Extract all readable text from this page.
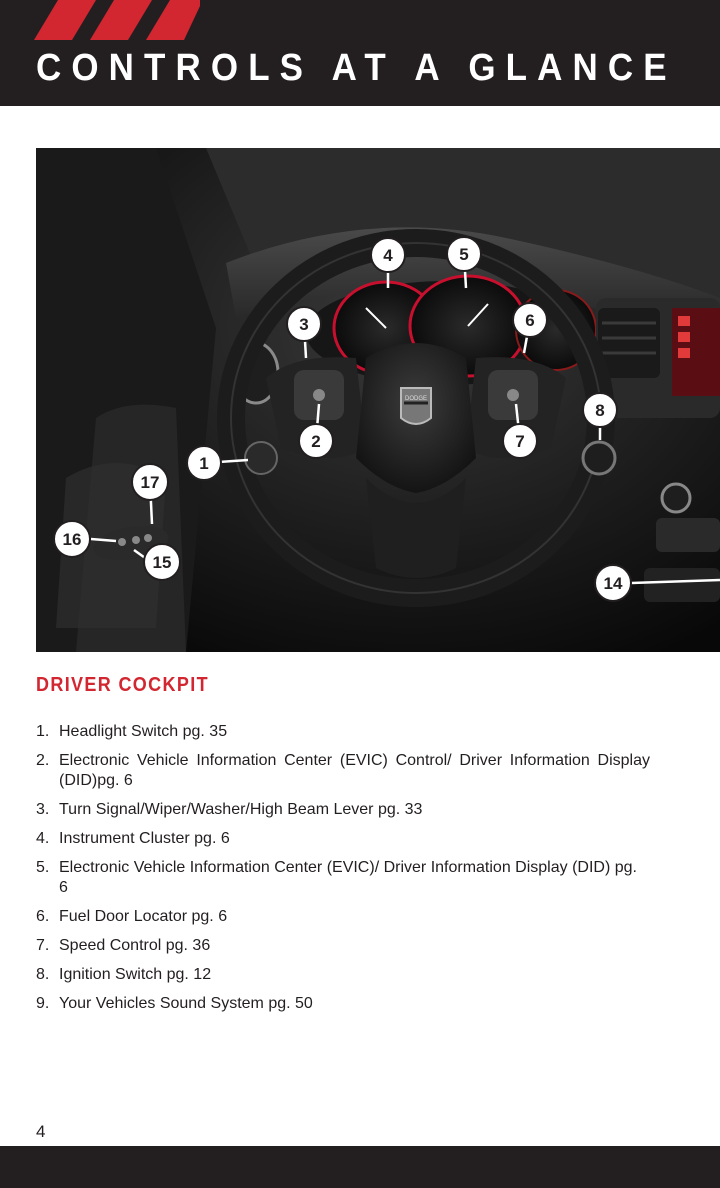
CONTROLS AT A GLANCE
DODGE
1
2
3
4	5
6
7
8
14
15
16
17
DRIVER COCKPIT
1. Headlight Switch pg. 35
2. Electronic Vehicle Information Center (EVIC) Control/ Driver Information Display (DID)pg. 6
3. Turn Signal/Wiper/Washer/High Beam Lever pg. 33
4. Instrument Cluster pg. 6
5. Electronic Vehicle Information Center (EVIC)/ Driver Information Display (DID) pg. 6
6. Fuel Door Locator pg. 6
7. Speed Control pg. 36
8. Ignition Switch pg. 12
9. Your Vehicles Sound System pg. 50
4
